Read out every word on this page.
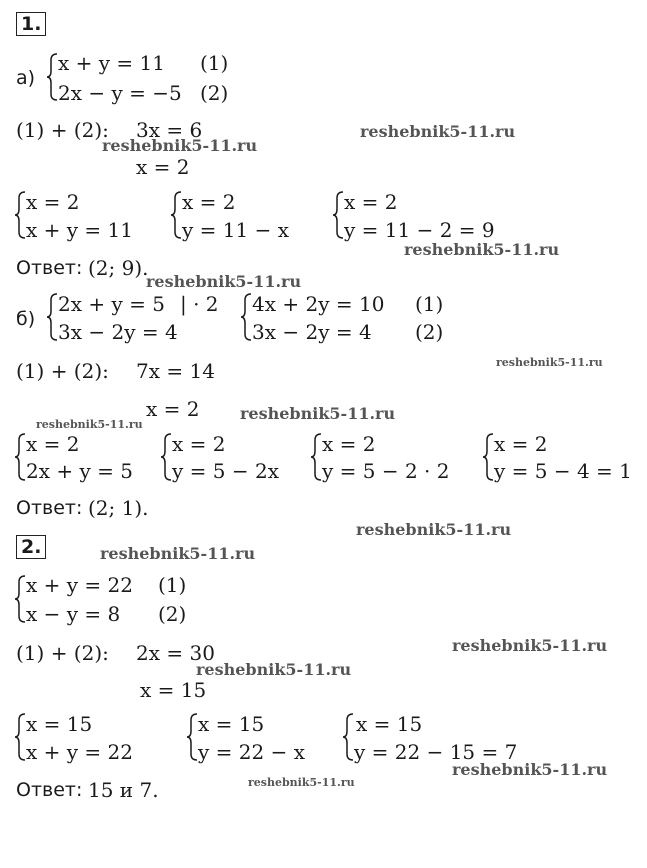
1.
а)
x + y = 11 (1)
2x − y = −5 (2)
(1) + (2): 3x = 6	reshebnik5-11.ru
reshebnik5-11.ru
x = 2
x = 2
x + y = 11
x = 2
y = 11 − x
x = 2
y = 11 − 2 = 9
reshebnik5-11.ru
Ответ: (2; 9).
reshebnik5-11.ru
б)
2x + y = 5 | · 2
3x − 2y = 4
4x + 2y = 10 (1)
3x − 2y = 4 (2)
(1) + (2): 7x = 14	reshebnik5-11.ru
reshebnik5-11.ru
x = 2	reshebnik5-11.ru
x = 2
2x + y = 5
x = 2
y = 5 − 2x
x = 2
y = 5 − 2 · 2
x = 2
y = 5 − 4 = 1
Ответ: (2; 1).
reshebnik5-11.ru
2.	reshebnik5-11.ru
x + y = 22 (1)
x − y = 8 (2)
(1) + (2): 2x = 30	reshebnik5-11.ru
reshebnik5-11.ru
x = 15
x = 15
x + y = 22
x = 15
y = 22 − x
x = 15
y = 22 − 15 = 7
reshebnik5-11.ru
Ответ: 15 и 7.	reshebnik5-11.ru
